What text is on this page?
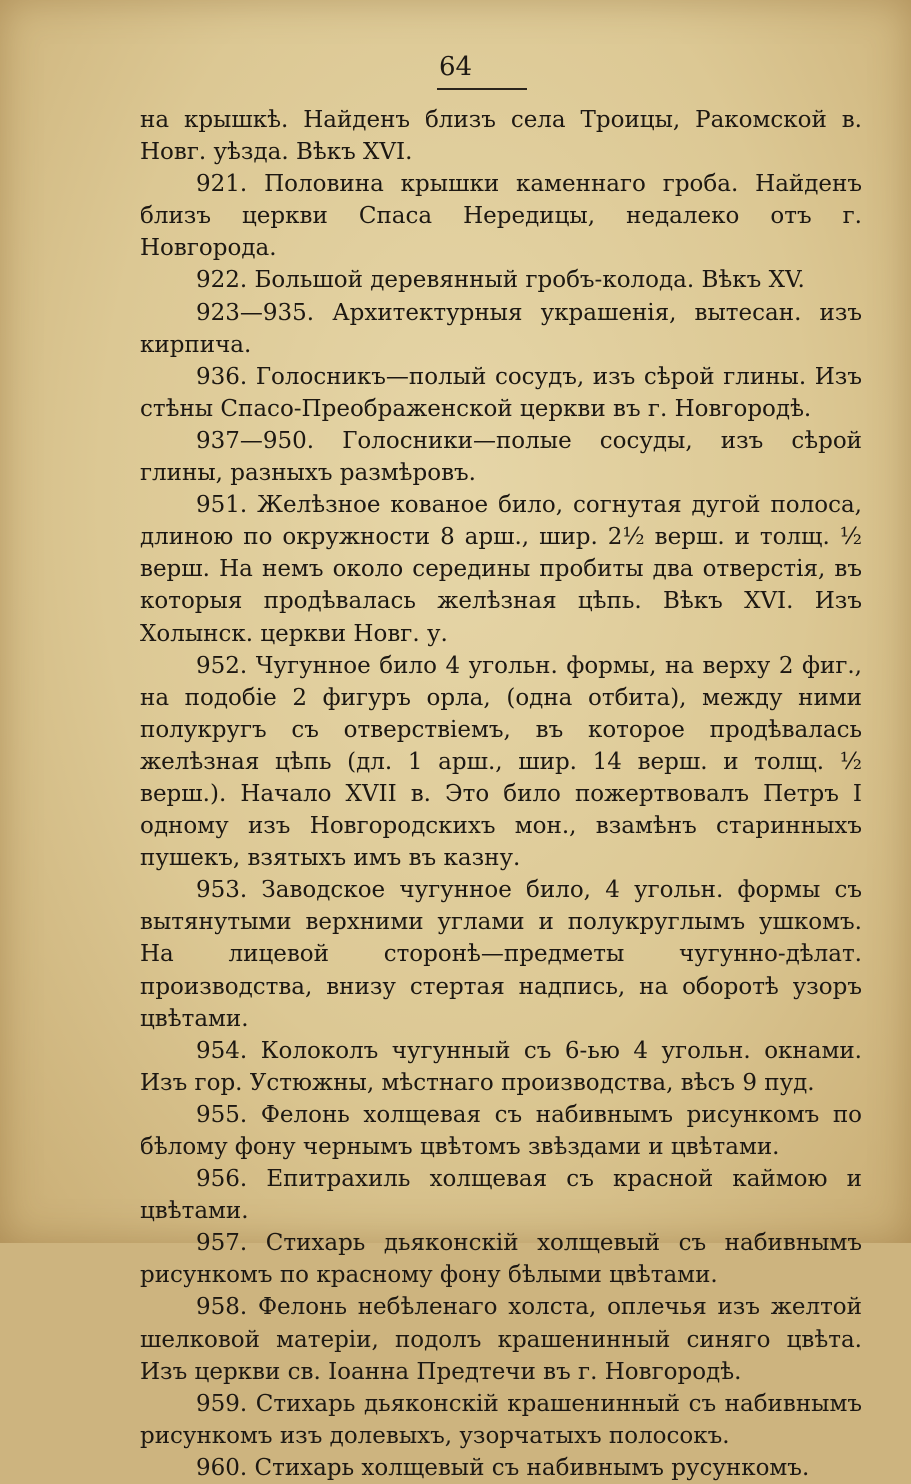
64
на крышкѣ. Найденъ близъ села Троицы, Ракомской в. Новг. уѣзда. Вѣкъ XVI.
921. Половина крышки каменнаго гроба. Найденъ близъ церкви Спаса Нередицы, недалеко отъ г. Новгорода.
922. Большой деревянный гробъ-колода. Вѣкъ XV.
923—935. Архитектурныя украшенія, вытесан. изъ кирпича.
936. Голосникъ—полый сосудъ, изъ сѣрой глины. Изъ стѣны Спасо-Преображенской церкви въ г. Новгородѣ.
937—950. Голосники—полые сосуды, изъ сѣрой глины, разныхъ размѣровъ.
951. Желѣзное кованое било, согнутая дугой полоса, длиною по окружности 8 арш., шир. 2½ верш. и толщ. ½ верш. На немъ около середины пробиты два отверстія, въ которыя продѣвалась желѣзная цѣпь. Вѣкъ XVI. Изъ Холынск. церкви Новг. у.
952. Чугунное било 4 угольн. формы, на верху 2 фиг., на подобіе 2 фигуръ орла, (одна отбита), между ними полукругъ съ отверствіемъ, въ которое продѣвалась желѣзная цѣпь (дл. 1 арш., шир. 14 верш. и толщ. ½ верш.). Начало XVII в. Это било пожертвовалъ Петръ I одному изъ Новгородскихъ мон., взамѣнъ старинныхъ пушекъ, взятыхъ имъ въ казну.
953. Заводское чугунное било, 4 угольн. формы съ вытянутыми верхними углами и полукруглымъ ушкомъ. На лицевой сторонѣ—предметы чугунно-дѣлат. производства, внизу стертая надпись, на оборотѣ узоръ цвѣтами.
954. Колоколъ чугунный съ 6-ью 4 угольн. окнами. Изъ гор. Устюжны, мѣстнаго производства, вѣсъ 9 пуд.
955. Фелонь холщевая съ набивнымъ рисункомъ по бѣлому фону чернымъ цвѣтомъ звѣздами и цвѣтами.
956. Епитрахиль холщевая съ красной каймою и цвѣтами.
957. Стихарь дьяконскій холщевый съ набивнымъ рисункомъ по красному фону бѣлыми цвѣтами.
958. Фелонь небѣленаго холста, оплечья изъ желтой шелковой матеріи, подолъ крашенинный синяго цвѣта. Изъ церкви св. Іоанна Предтечи въ г. Новгородѣ.
959. Стихарь дьяконскій крашенинный съ набивнымъ рисункомъ изъ долевыхъ, узорчатыхъ полосокъ.
960. Стихарь холщевый съ набивнымъ русункомъ.
